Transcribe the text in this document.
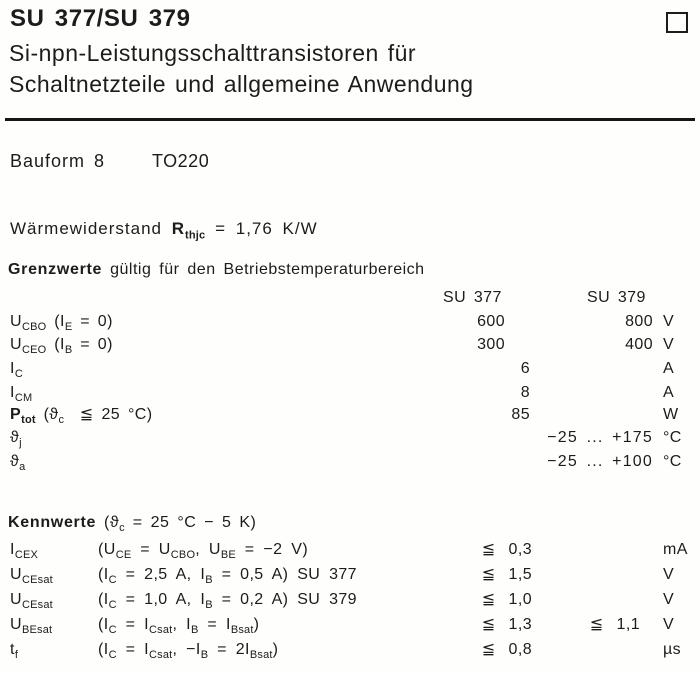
SU 377/SU 379
Si-npn-Leistungsschalttransistoren für
Schaltnetzteile und allgemeine Anwendung
Bauform 8	TO220
Wärmewiderstand $R_{thjc} = 1,76$ K/W
Grenzwerte gültig für den Betriebstemperaturbereich
SU 377	SU 379
$U_{CBO}$ $(I_E = 0)$	600	800 V
$U_{CEO}$ $(I_B = 0)$	300	400 V
$I_C$	6	A
$I_{CM}$	8	A
$P_{tot}$ ($ϑ_c$  ≦ 25 °C)	85	W
$ϑ_j$	−25 ... +175 °C
$ϑ_a$	−25 ... +100 °C
Kennwerte ($ϑ_c = 25$ °C − 5 K)
$I_{CEX}$	($U_{CE} = U_{CBO}$, $U_{BE} = -2$ V)	≦ 0,3	mA
$U_{CEsat}$	($I_C = 2,5$ A, $I_B = 0,5$ A) SU 377	≦ 1,5	V
$U_{CEsat}$	($I_C = 1,0$ A, $I_B = 0,2$ A) SU 379	≦ 1,0	V
$U_{BEsat}$	($I_C = I_{Csat}$, $I_B = I_{Bsat}$)	≦ 1,3	≦ 1,1 V
$t_f$	($I_C = I_{Csat}$, $-I_B = 2I_{Bsat}$)	≦ 0,8	µs
